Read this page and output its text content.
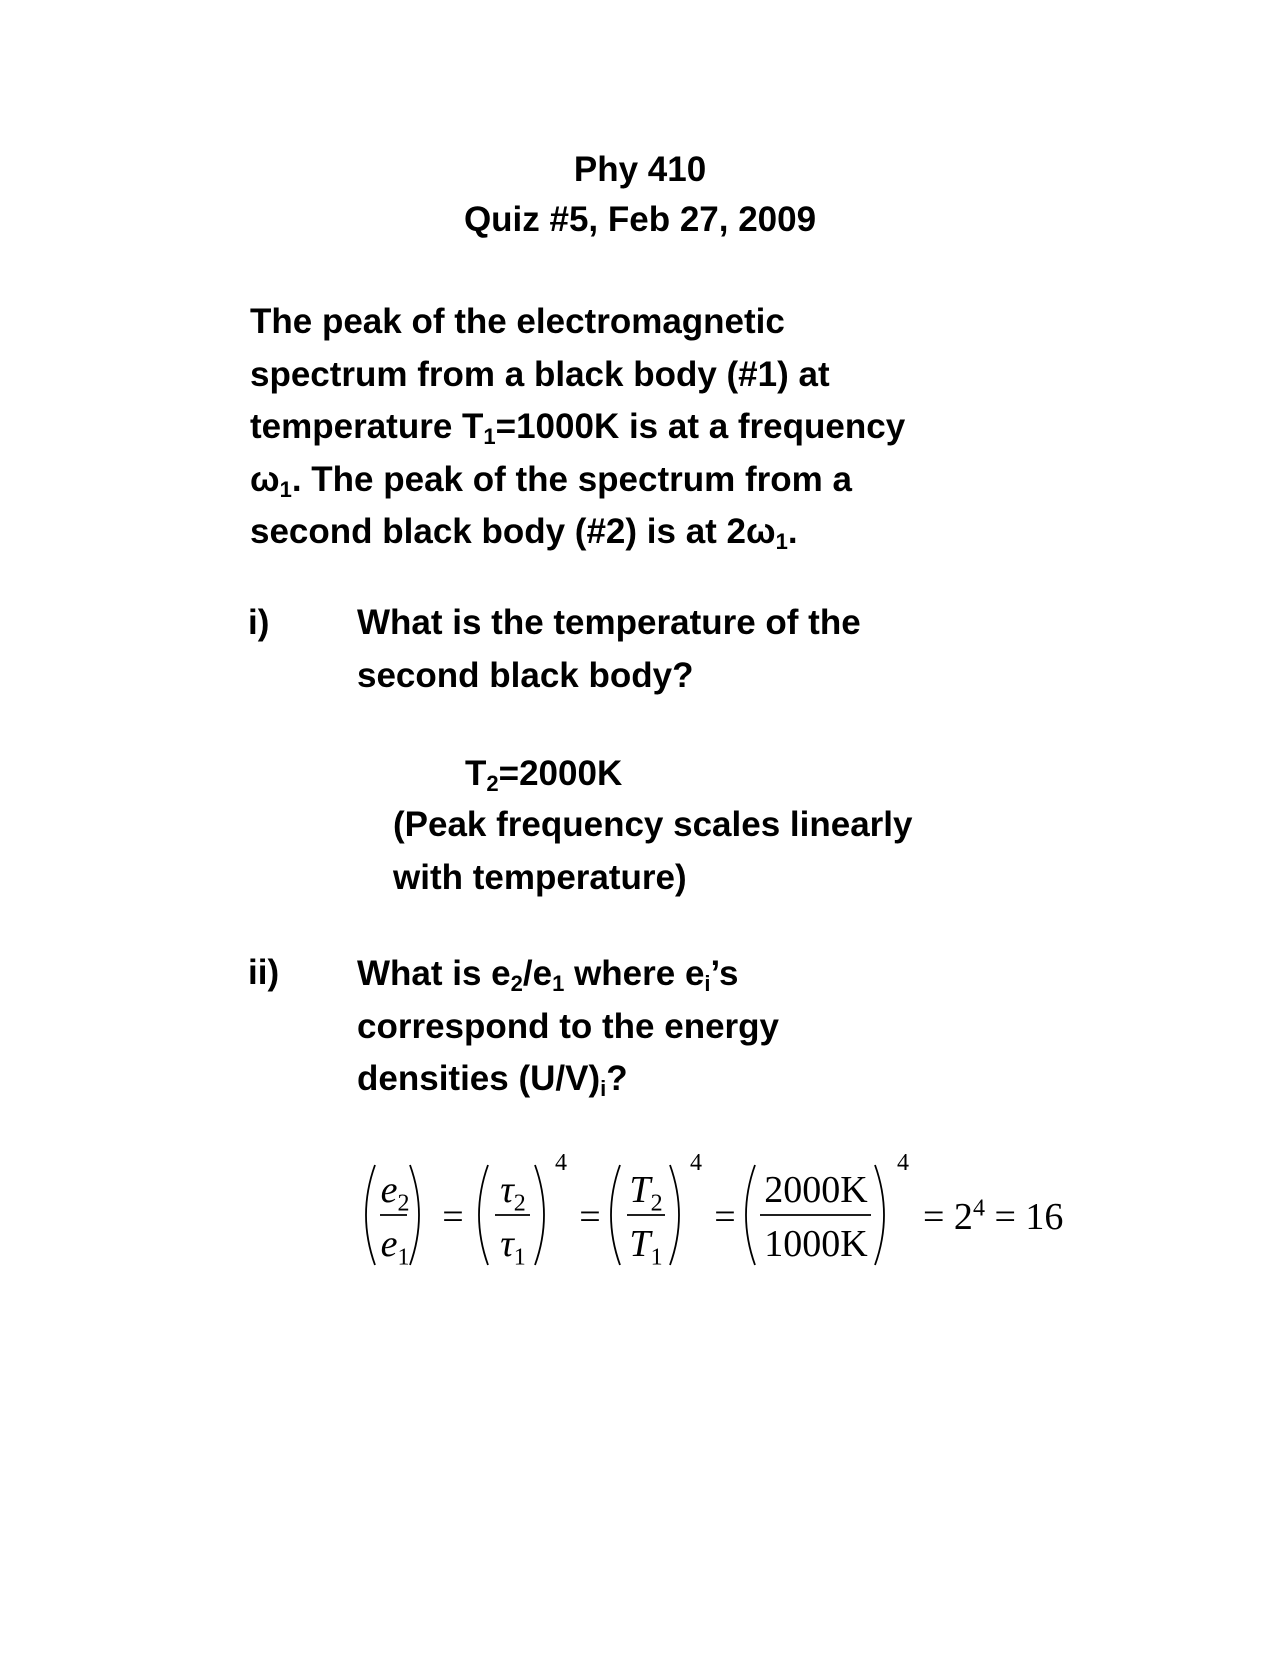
Phy 410
Quiz #5, Feb 27, 2009
The peak of the electromagnetic
spectrum from a black body (#1) at
temperature $T_1=1000K$ is at a frequency
$\omega_1$. The peak of the spectrum from a
second black body (#2) is at $2\omega_1$.
i)	What is the temperature of the
second black body?
$T_2=2000K$
(Peak frequency scales linearly
with temperature)
ii) What is $e_2/e_1$ where $e_i’s$
correspond to the energy
densities $(U/V)_i$?
$e_2$
$e_1$
=
$\tau_2$
$\tau_1$
4
=
$T_2$
$T_1$
4
=
2000K
1000K
4
= $2^4 = 16$
